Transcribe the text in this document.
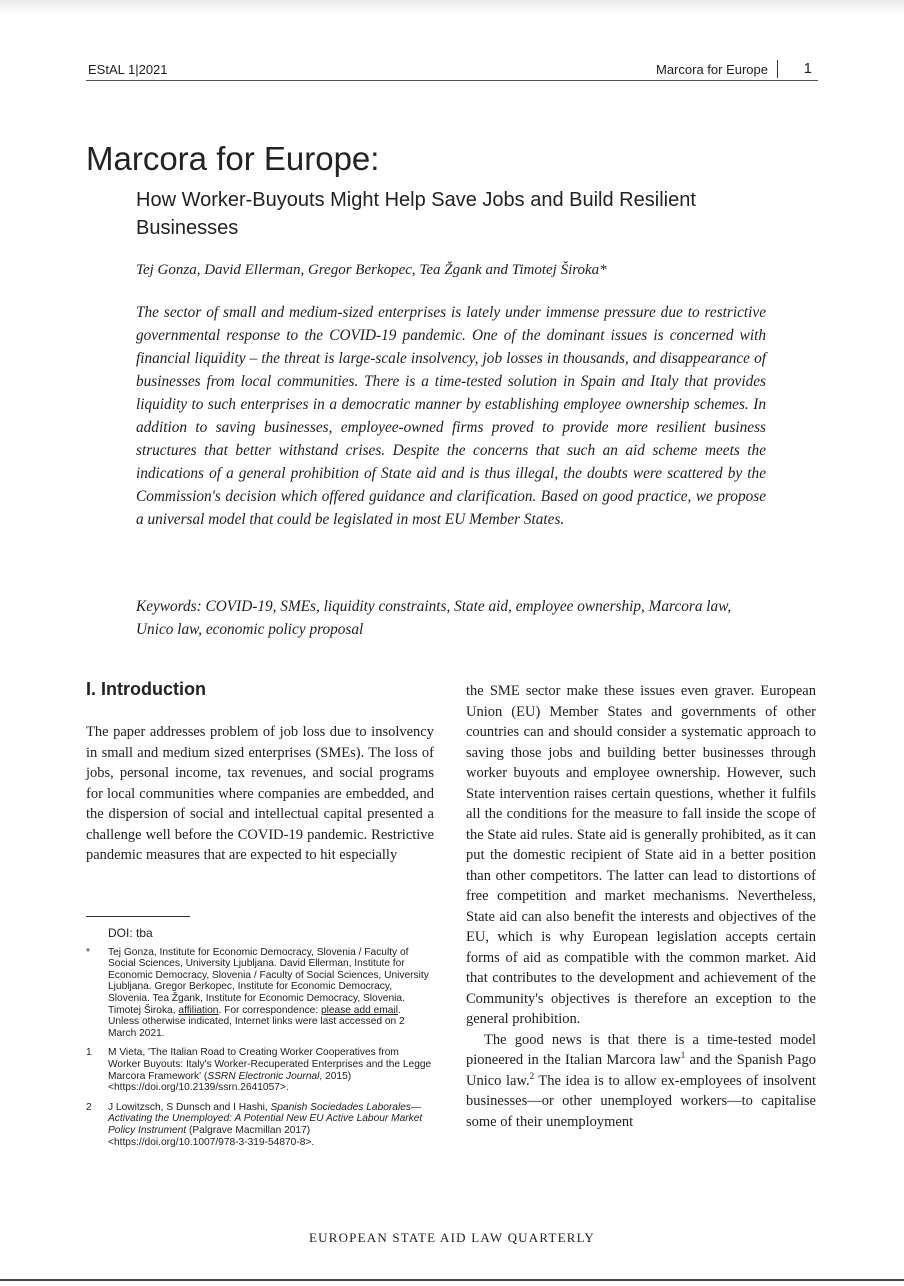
EStAL 1|2021	Marcora for Europe 1
Marcora for Europe:
How Worker-Buyouts Might Help Save Jobs and Build Resilient Businesses
Tej Gonza, David Ellerman, Gregor Berkopec, Tea Žgank and Timotej Široka*

The sector of small and medium-sized enterprises is lately under immense pressure due to restrictive governmental response to the COVID-19 pandemic. One of the dominant issues is concerned with financial liquidity – the threat is large-scale insolvency, job losses in thousands, and disappearance of businesses from local communities. There is a time-tested solution in Spain and Italy that provides liquidity to such enterprises in a democratic manner by establishing employee ownership schemes. In addition to saving businesses, employee-owned firms proved to provide more resilient business structures that better withstand crises. Despite the concerns that such an aid scheme meets the indications of a general prohibition of State aid and is thus illegal, the doubts were scattered by the Commission's decision which offered guidance and clarification. Based on good practice, we propose a universal model that could be legislated in most EU Member States.

Keywords: COVID-19, SMEs, liquidity constraints, State aid, employee ownership, Marcora law, Unico law, economic policy proposal

I. Introduction

The paper addresses problem of job loss due to insolvency in small and medium sized enterprises (SMEs). The loss of jobs, personal income, tax revenues, and social programs for local communities where companies are embedded, and the dispersion of social and intellectual capital presented a challenge well before the COVID-19 pandemic. Restrictive pandemic measures that are expected to hit especially

the SME sector make these issues even graver. European Union (EU) Member States and governments of other countries can and should consider a systematic approach to saving those jobs and building better businesses through worker buyouts and employee ownership. However, such State intervention raises certain questions, whether it fulfils all the conditions for the measure to fall inside the scope of the State aid rules. State aid is generally prohibited, as it can put the domestic recipient of State aid in a better position than other competitors. The latter can lead to distortions of free competition and market mechanisms. Nevertheless, State aid can also benefit the interests and objectives of the EU, which is why European legislation accepts certain forms of aid as compatible with the common market. Aid that contributes to the development and achievement of the Community's objectives is therefore an exception to the general prohibition.

The good news is that there is a time-tested model pioneered in the Italian Marcora law$^1$ and the Spanish Pago Unico law.$^2$ The idea is to allow ex-employees of insolvent businesses—or other unemployed workers—to capitalise some of their unemployment

DOI: tba
* Tej Gonza, Institute for Economic Democracy, Slovenia / Faculty of Social Sciences, University Ljubljana. David Ellerman, Institute for Economic Democracy, Slovenia / Faculty of Social Sciences, University Ljubljana. Gregor Berkopec, Institute for Economic Democracy, Slovenia. Tea Žgank, Institute for Economic Democracy, Slovenia. Timotej Široka, affiliation. For correspondence: please add email. Unless otherwise indicated, Internet links were last accessed on 2 March 2021.
1 M Vieta, 'The Italian Road to Creating Worker Cooperatives from Worker Buyouts: Italy's Worker-Recuperated Enterprises and the Legge Marcora Framework' (SSRN Electronic Journal, 2015) <https://doi.org/10.2139/ssrn.2641057>.
2 J Lowitzsch, S Dunsch and I Hashi, Spanish Sociedades Laborales—Activating the Unemployed: A Potential New EU Active Labour Market Policy Instrument (Palgrave Macmillan 2017) <https://doi.org/10.1007/978-3-319-54870-8>.
EUROPEAN STATE AID LAW QUARTERLY
